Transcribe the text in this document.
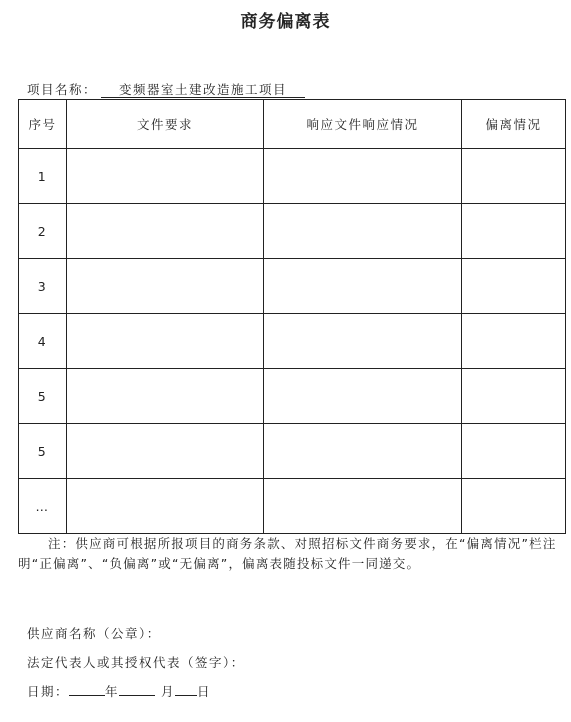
商务偏离表
项目名称： 变频器室土建改造施工项目
序号	文件要求	响应文件响应情况	偏离情况
1			
2			
3			
4			
5			
5			
…			
注：供应商可根据所报项目的商务条款、对照招标文件商务要求，在“偏离情况”栏注明“正偏离”、“负偏离”或“无偏离”，偏离表随投标文件一同递交。
供应商名称（公章）：
法定代表人或其授权代表（签字）：
日期：	年	月 日
